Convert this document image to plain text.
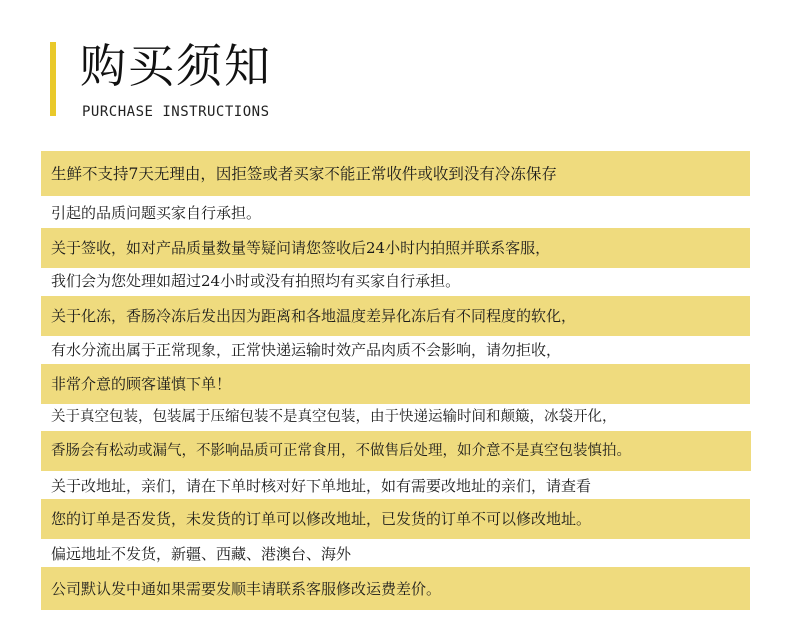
购买须知
PURCHASE INSTRUCTIONS
生鲜不支持7天无理由，因拒签或者买家不能正常收件或收到没有冷冻保存
引起的品质问题买家自行承担。
关于签收，如对产品质量数量等疑问请您签收后24小时内拍照并联系客服，
我们会为您处理如超过24小时或没有拍照均有买家自行承担。
关于化冻，香肠冷冻后发出因为距离和各地温度差异化冻后有不同程度的软化，
有水分流出属于正常现象，正常快递运输时效产品肉质不会影响，请勿拒收，
非常介意的顾客谨慎下单！
关于真空包装，包装属于压缩包装不是真空包装，由于快递运输时间和颠簸，冰袋开化，
香肠会有松动或漏气，不影响品质可正常食用，不做售后处理，如介意不是真空包装慎拍。
关于改地址，亲们，请在下单时核对好下单地址，如有需要改地址的亲们，请查看
您的订单是否发货，未发货的订单可以修改地址，已发货的订单不可以修改地址。
偏远地址不发货，新疆、西藏、港澳台、海外
公司默认发中通如果需要发顺丰请联系客服修改运费差价。
